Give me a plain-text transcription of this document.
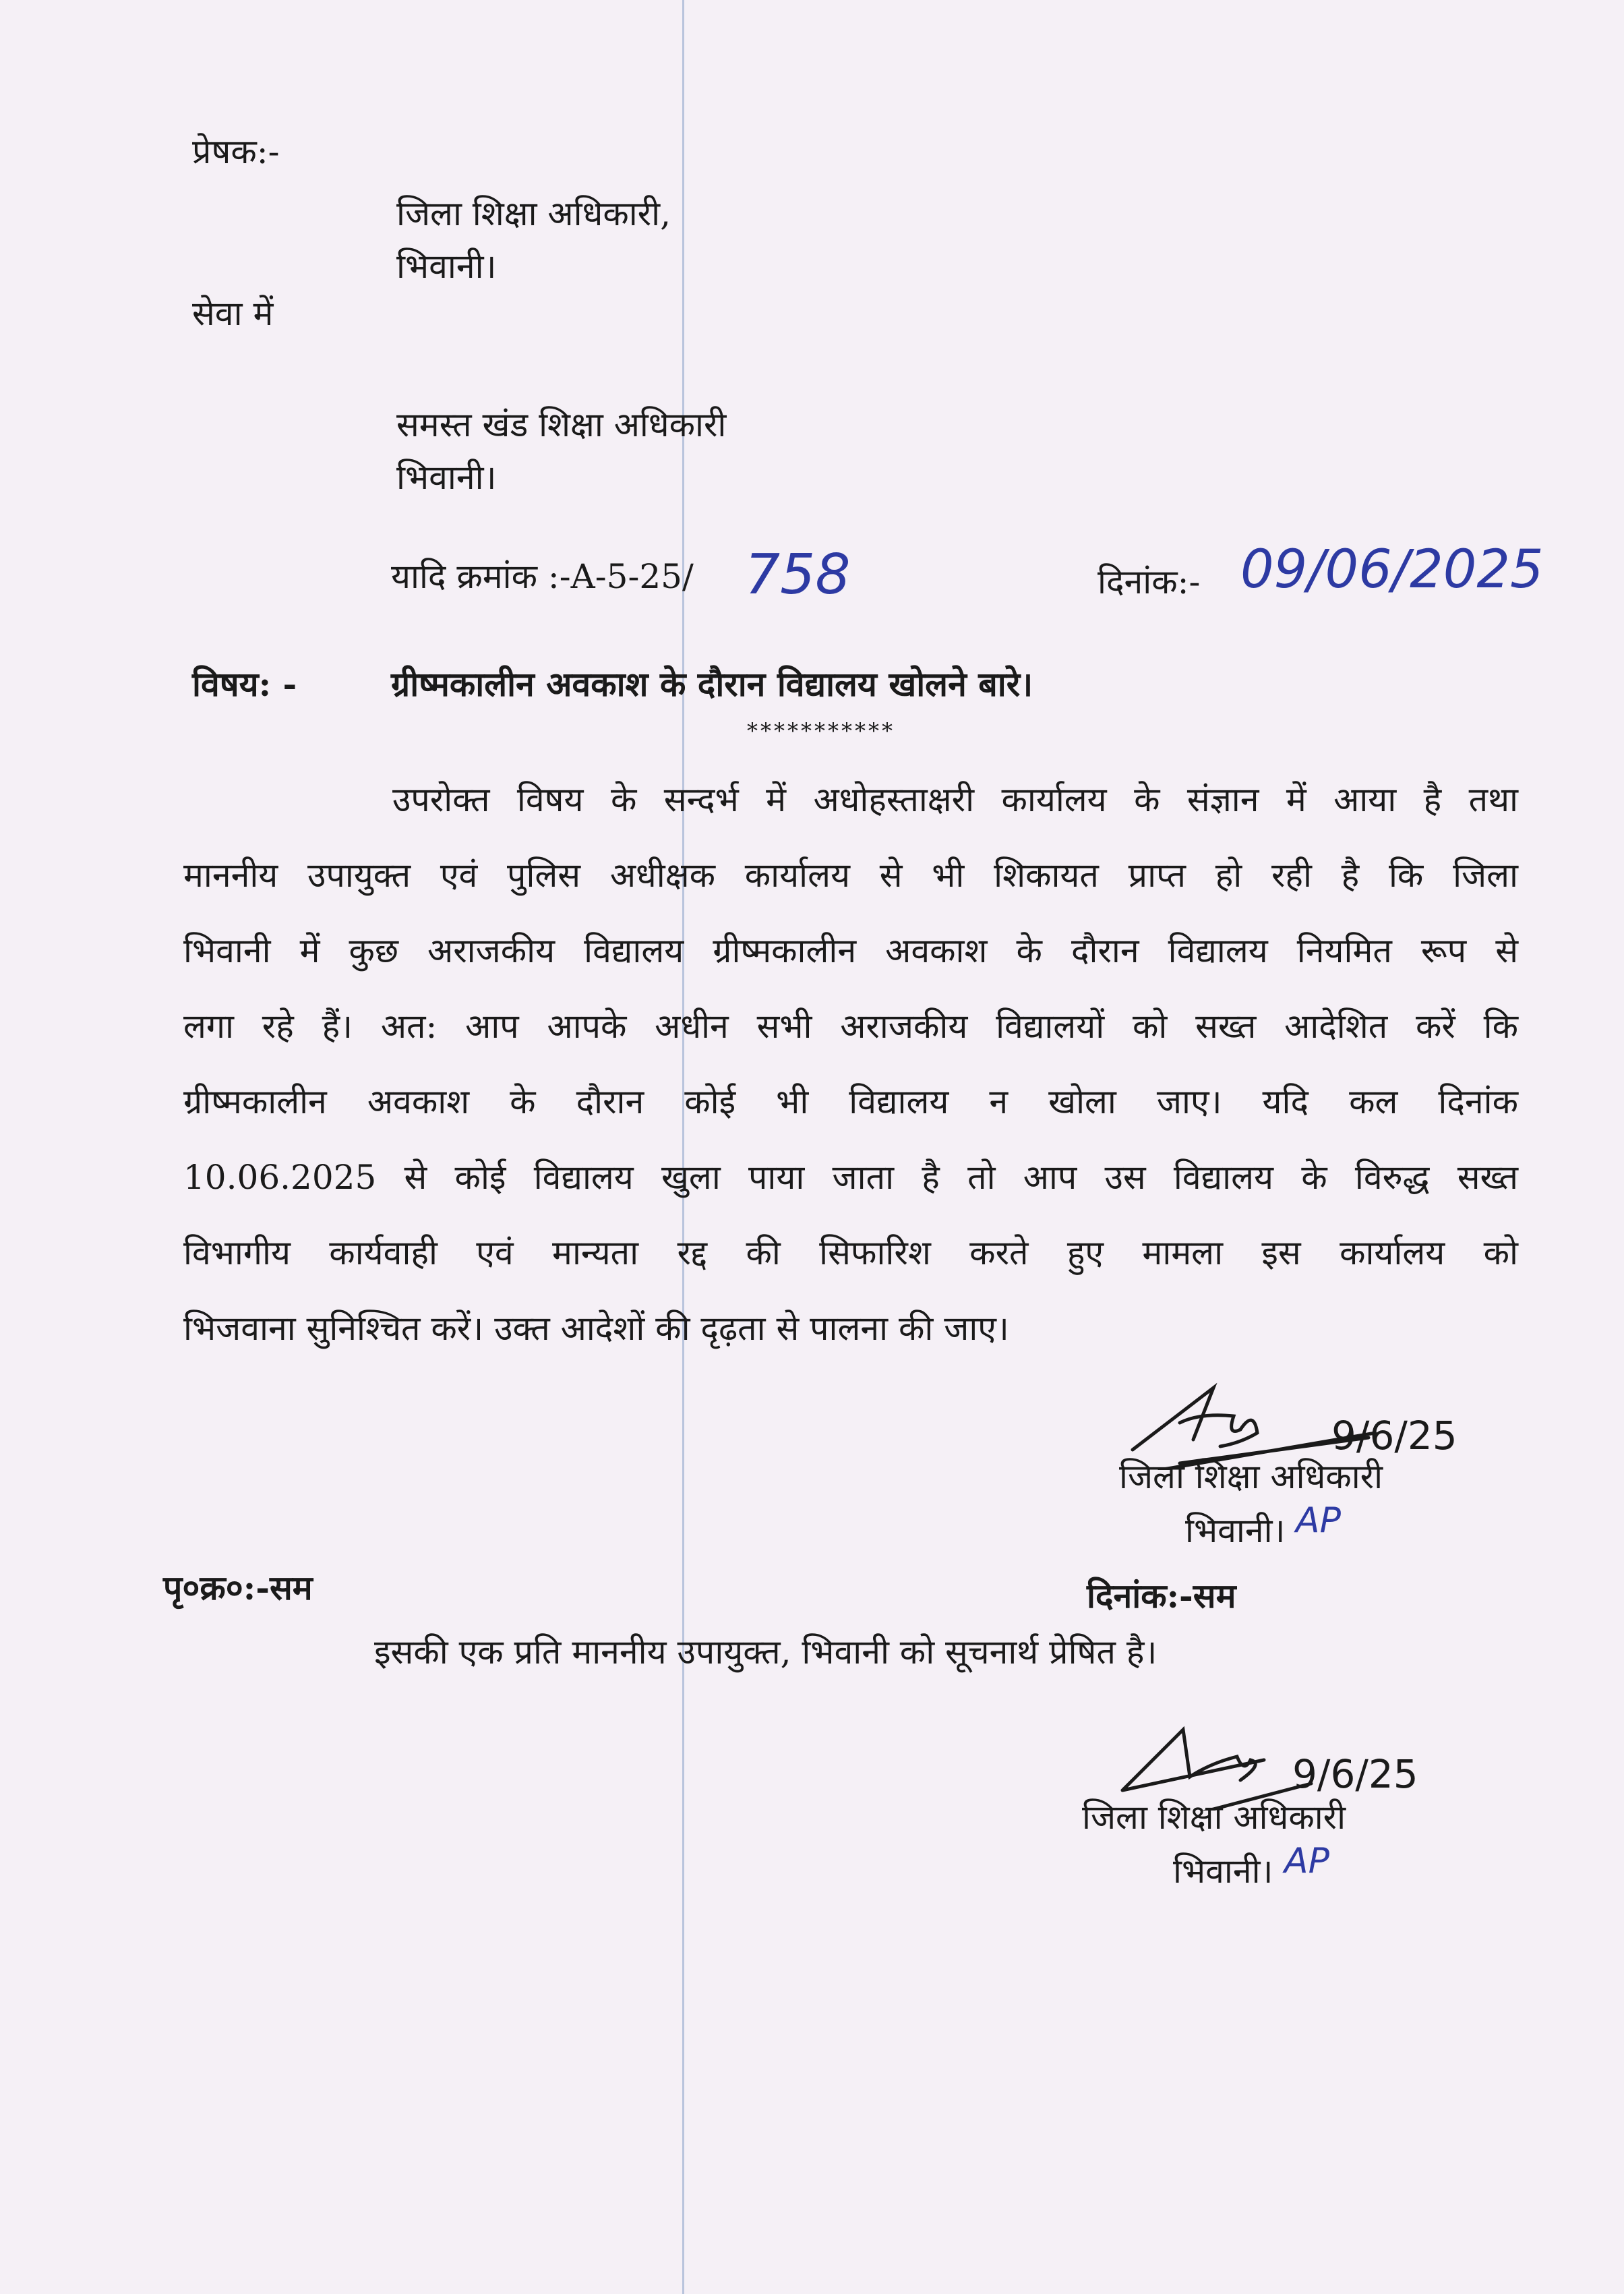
प्रेषक:-
जिला शिक्षा अधिकारी,
भिवानी।
सेवा में
समस्त खंड शिक्षा अधिकारी
भिवानी।
यादि क्रमांक :-A-5-25/ 758	दिनांक:- 09/06/2025
विषय: -	ग्रीष्मकालीन अवकाश के दौरान विद्यालय खोलने बारे।
***********
उपरोक्त विषय के सन्दर्भ में अधोहस्ताक्षरी कार्यालय के संज्ञान में आया है तथा
माननीय उपायुक्त एवं पुलिस अधीक्षक कार्यालय से भी शिकायत प्राप्त हो रही है कि जिला
भिवानी में कुछ अराजकीय विद्यालय ग्रीष्मकालीन अवकाश के दौरान विद्यालय नियमित रूप से
लगा रहे हैं। अत: आप आपके अधीन सभी अराजकीय विद्यालयों को सख्त आदेशित करें कि
ग्रीष्मकालीन अवकाश के दौरान कोई भी विद्यालय न खोला जाए। यदि कल दिनांक
10.06.2025 से कोई विद्यालय खुला पाया जाता है तो आप उस विद्यालय के विरुद्ध सख्त
विभागीय कार्यवाही एवं मान्यता रद्द की सिफारिश करते हुए मामला इस कार्यालय को
भिजवाना सुनिश्चित करें। उक्त आदेशों की दृढ़ता से पालना की जाए।
9/6/25
जिला शिक्षा अधिकारी
भिवानी। AP
पृ०क्र०:-सम	दिनांक:-सम
इसकी एक प्रति माननीय उपायुक्त, भिवानी को सूचनार्थ प्रेषित है।
9/6/25
जिला शिक्षा अधिकारी
भिवानी। AP
